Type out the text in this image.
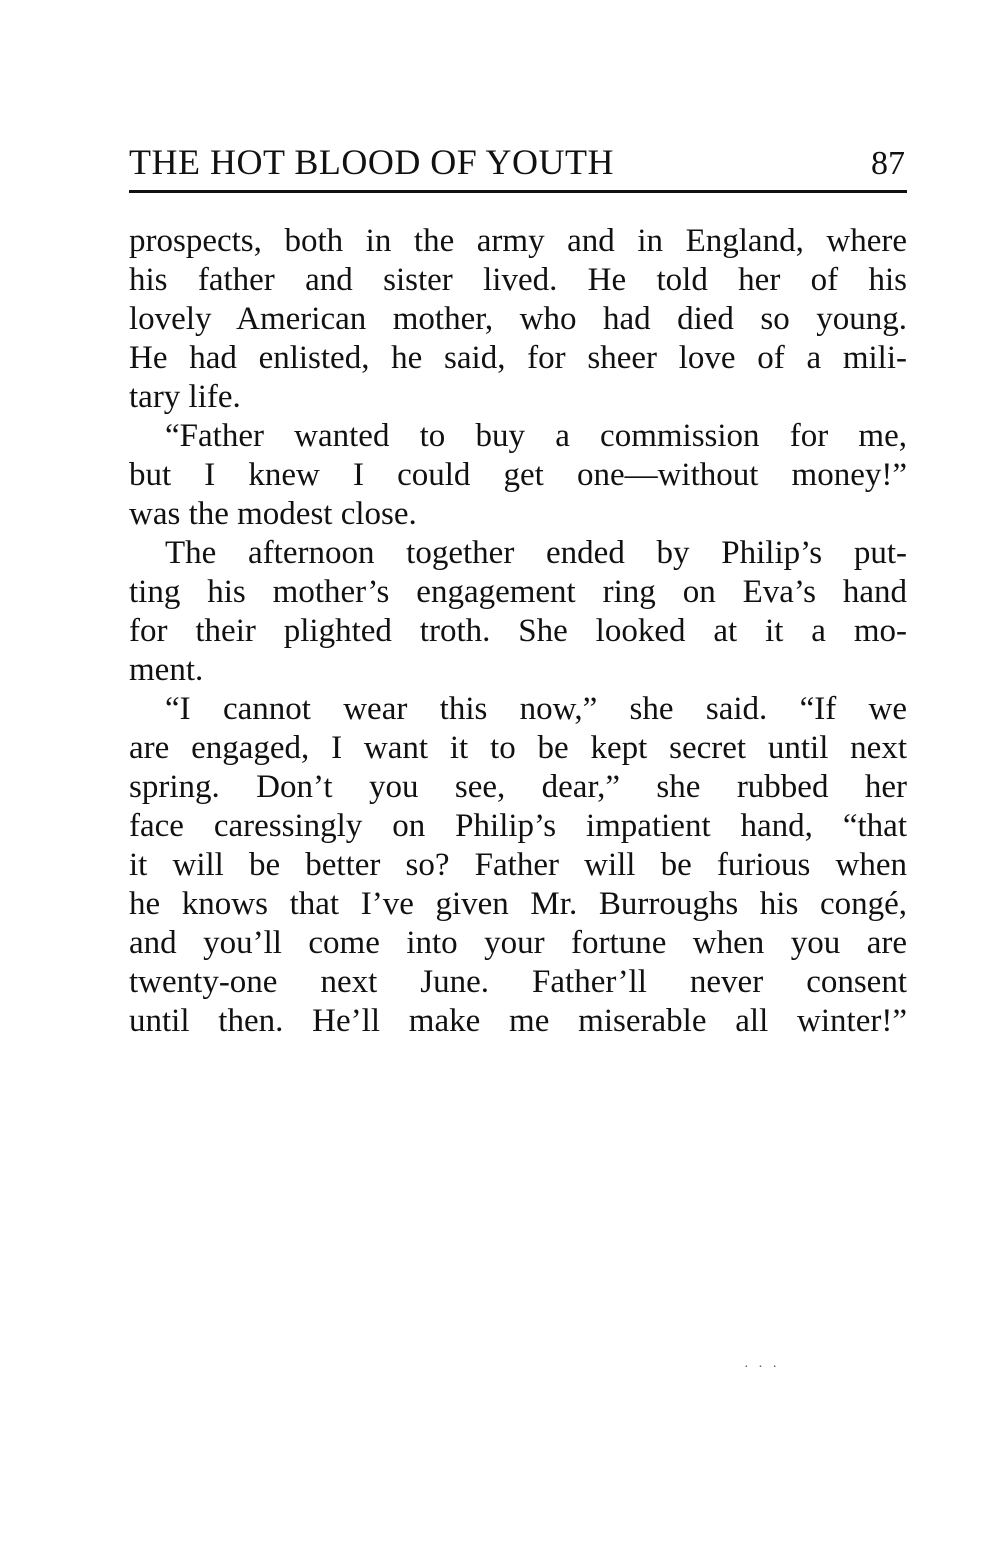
THE HOT BLOOD OF YOUTH	87
prospects, both in the army and in England, where
his father and sister lived. He told her of his
lovely American mother, who had died so young.
He had enlisted, he said, for sheer love of a mili-
tary life.
“Father wanted to buy a commission for me,
but I knew I could get one—without money!”
was the modest close.
The afternoon together ended by Philip’s put-
ting his mother’s engagement ring on Eva’s hand
for their plighted troth. She looked at it a mo-
ment.
“I cannot wear this now,” she said. “If we
are engaged, I want it to be kept secret until next
spring. Don’t you see, dear,” she rubbed her
face caressingly on Philip’s impatient hand, “that
it will be better so? Father will be furious when
he knows that I’ve given Mr. Burroughs his congé,
and you’ll come into your fortune when you are
twenty-one next June. Father’ll never consent
until then. He’ll make me miserable all winter!”
· · ·
